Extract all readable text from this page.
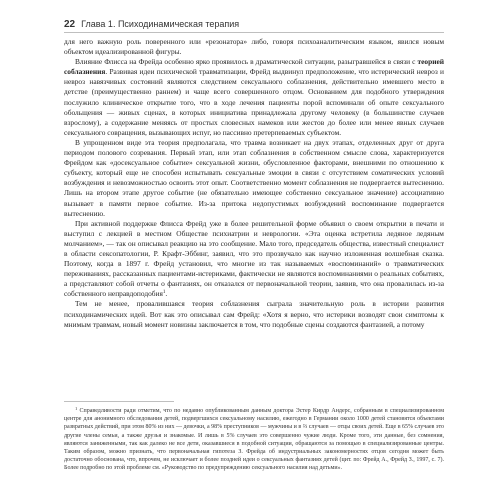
22 Глава 1. Психодинамическая терапия

для него важную роль поверенного или «резонатора» либо, говоря психоаналитическим языком, явился новым объектом идеализированной фигуры.

Влияние Флисса на Фрейда особенно ярко проявилось в драматической ситуации, разыгравшейся в связи с теорией соблазнения. Развивая идеи психической травматизации, Фрейд выдвинул предположение, что истерический невроз и невроз навязчивых состояний являются следствием сексуального соблазнения, действительно имевшего место в детстве (преимущественно раннем) и чаще всего совершенного отцом. Основанием для подобного утверждения послужило клиническое открытие того, что в ходе лечения пациенты порой вспоминали об опыте сексуального обольщения — живых сценах, в которых инициатива принадлежала другому человеку (в большинстве случаев взрослому), а содержание меняясь от простых словесных намеков или жестов до более или менее явных случаев сексуального совращения, вызывающих испуг, но пассивно претерпеваемых субъектом.

В упрощенном виде эта теория предполагала, что травма возникает на двух этапах, отделенных друг от друга периодом полового созревания. Первый этап, или этап соблазнения в собственном смысле слова, характеризуется Фрейдом как «досексуальное событие» сексуальной жизни, обусловленное факторами, внешними по отношению к субъекту, который еще не способен испытывать сексуальные эмоции в связи с отсутствием соматических условий возбуждения и невозможностью освоить этот опыт. Соответственно момент соблазнения не подвергается вытеснению. Лишь на втором этапе другое событие (не обязательно имеющее собственно сексуальное значение) ассоциативно вызывает в памяти первое событие. Из-за притока недопустимых возбуждений воспоминание подвергается вытеснению.

При активной поддержке Флисса Фрейд уже в более решительной форме объявил о своем открытии в печати и выступил с лекцией в местном Обществе психиатрии и неврологии. «Эта оценка встретила ледяное ледяным молчанием», — так он описывал реакцию на это сообщение. Мало того, председатель общества, известный специалист в области сексопатологии, Р. Крафт-Эббинг, заявил, что это прозвучало как научно изложенная волшебная сказка. Поэтому, когда в 1897 г. Фрейд установил, что многие из так называемых «воспоминаний» о травматических переживаниях, рассказанных пациентами-истериками, фактически не являются воспоминаниями о реальных событиях, а представляют собой отчеты о фантазиях, он отказался от первоначальной теории, заявив, что она провалилась из-за собственного неправдоподобия$^1$.

Тем не менее, провалившаяся теория соблазнения сыграла значительную роль в истории развития психодинамических идей. Вот как это описывал сам Фрейд: «Хотя я верно, что истерики возводят свои симптомы к мнимым травмам, новый момент новизны заключается в том, что подобные сцены создаются фантазией, а потому

$^1$ Справедливости ради отметим, что по недавно опубликованным данным доктора Эстер Кирдр Андерс, собранным в специализированном центре для анонимного обследования детей, подвергшихся сексуальному насилию, ежегодно в Германии около 1000 детей становятся объектами развратных действий, при этом 80% из них — девочки, а 98% преступников — мужчины и в ⅔ случаев — отцы своих детей. Еще в 65% случаев это другие члены семьи, а также друзья и знакомые. И лишь в 5% случаев это совершенно чужие люди. Кроме того, эти данные, без сомнения, являются заниженными, так как далеко не все дети, оказавшиеся в подобной ситуации, обращаются за помощью в специализированные центры. Таким образом, можно признать, что первоначальная гипотеза З. Фрейда об индустриальных закономерностях отцов сегодня может быть достаточно обоснована, что, впрочем, не исключает и более поздней идеи о сексуальных фантазиях детей (цит. по: Фрейд А., Фрейд З., 1997, с. 7). Более подробно по этой проблеме см. «Руководство по предупреждению сексуального насилия над детьми».
